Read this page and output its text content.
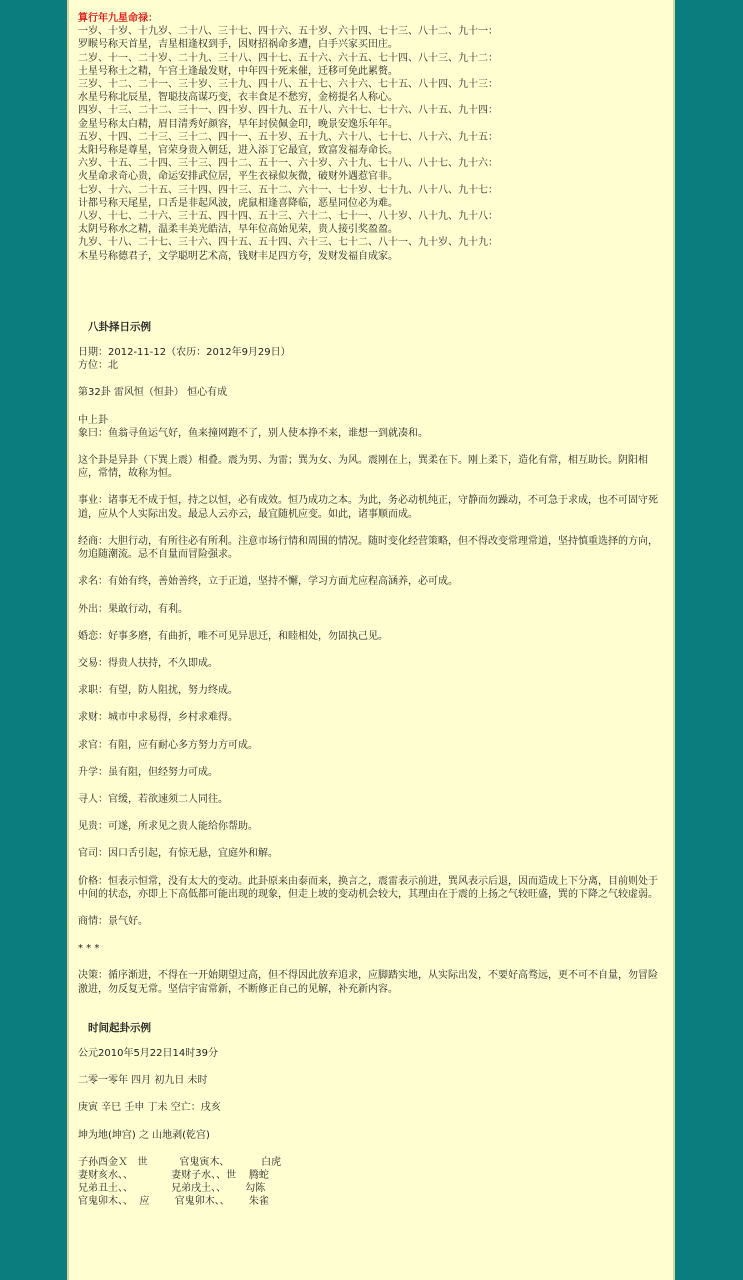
算行年九星命禄：
一岁、十岁、十九岁、二十八、三十七、四十六、五十岁、六十四、七十三、八十二、九十一：
罗睺号称天首星，吉星相逢权到手，因财招祸命多遭，白手兴家买田庄。
二岁、十一、二十岁、二十九、三十八、四十七、五十六、六十五、七十四、八十三、九十二：
土星号称土之精，午宫土逢最发财，中年四十死来催，迁移可免此累赘。
三岁、十二、二十一、三十岁、三十九、四十八、五十七、六十六、七十五、八十四、九十三：
水星号称北辰星，智聪技高谋巧变，衣丰食足不愁穷，金榜提名人称心。
四岁、十三、二十二、三十一、四十岁、四十九、五十八、六十七、七十六、八十五、九十四：
金星号称太白精，眉目清秀好颜容，早年封侯佩金印，晚景安逸乐年年。
五岁、十四、二十三、三十二、四十一、五十岁、五十九、六十八、七十七、八十六、九十五：
太阳号称是尊星，官荣身贵入朝廷，进入添丁它最宜，致富发福寿命长。
六岁、十五、二十四、三十三、四十二、五十一、六十岁、六十九、七十八、八十七、九十六：
火星命求奇心贵，命运安排武位居，平生衣禄似灰微，破财外遇惹官非。
七岁、十六、二十五、三十四、四十三、五十二、六十一、七十岁、七十九、八十八、九十七：
计都号称天尾星，口舌是非起风波，虎鼠相逢喜降临，恶星同位必为难。
八岁、十七、二十六、三十五、四十四、五十三、六十二、七十一、八十岁、八十九、九十八：
太阴号称水之精，温柔丰美光皓洁，早年位高始见荣，贵人接引奖盈盈。
九岁、十八、二十七、三十六、四十五、五十四、六十三、七十二、八十一、九十岁、九十九：
木星号称德君子，文学聪明艺术高，钱财丰足四方夸，发财发福自成家。
八卦择日示例
日期：2012-11-12（农历：2012年9月29日）
方位：北

第32卦 雷风恒（恒卦） 恒心有成

中上卦
象曰：鱼翁寻鱼运气好，鱼来撞网跑不了，别人使本挣不来，谁想一到就凑和。

这个卦是异卦（下巽上震）相叠。震为男、为雷；巽为女、为风。震刚在上，巽柔在下。刚上柔下，造化有常，相互助长。阴阳相应，常情，故称为恒。

事业：诸事无不成于恒，持之以恒，必有成效。恒乃成功之本。为此，务必动机纯正，守静而勿躁动，不可急于求成，也不可固守死道，应从个人实际出发。最忌人云亦云，最宜随机应变。如此，诸事顺而成。

经商：大胆行动，有所往必有所利。注意市场行情和周围的情况。随时变化经营策略，但不得改变常理常道，坚持慎重选择的方向，勿追随潮流。忌不自量而冒险强求。

求名：有始有终，善始善终，立于正道，坚持不懈，学习方面尤应程高涵养，必可成。

外出：果敢行动，有利。

婚恋：好事多磨，有曲折，唯不可见异思迁，和睦相处，勿固执己见。

交易：得贵人扶持，不久即成。

求职：有望，防人阻扰，努力终成。

求财：城市中求易得，乡村求难得。

求官：有阻，应有耐心多方努力方可成。

升学：虽有阻，但经努力可成。

寻人：官缓，若欲速须二人同往。

见贵：可遂，所求见之贵人能给你帮助。

官司：因口舌引起，有惊无悬，宜庭外和解。

价格：恒表示恒常，没有太大的变动。此卦原来由泰而来，换言之，震雷表示前进，巽风表示后退，因而造成上下分离，目前则处于中间的状态，亦即上下高低都可能出现的现象，但走上坡的变动机会较大，其理由在于震的上扬之气较旺盛，巽的下降之气较虚弱。

商情：景气好。

* * *

决策：循序渐进，不得在一开始期望过高，但不得因此放弃追求，应脚踏实地，从实际出发，不要好高骛远，更不可不自量，勿冒险激进，勿反复无常。坚信宇宙常新，不断修正自己的见解，补充新内容。

时间起卦示例

公元2010年5月22日14时39分

二零一零年 四月 初九日 未时

庚寅 辛巳 壬申 丁未 空亡：戌亥

坤为地(坤宫) 之 山地剥(乾宫)

子孙酉金Ｘ   世          官鬼寅木、          白虎
妻财亥水、、            妻财子水、、世    腾蛇
兄弟丑土、、            兄弟戌土、、      勾陈
官鬼卯木、、  应        官鬼卯木、、      朱雀
